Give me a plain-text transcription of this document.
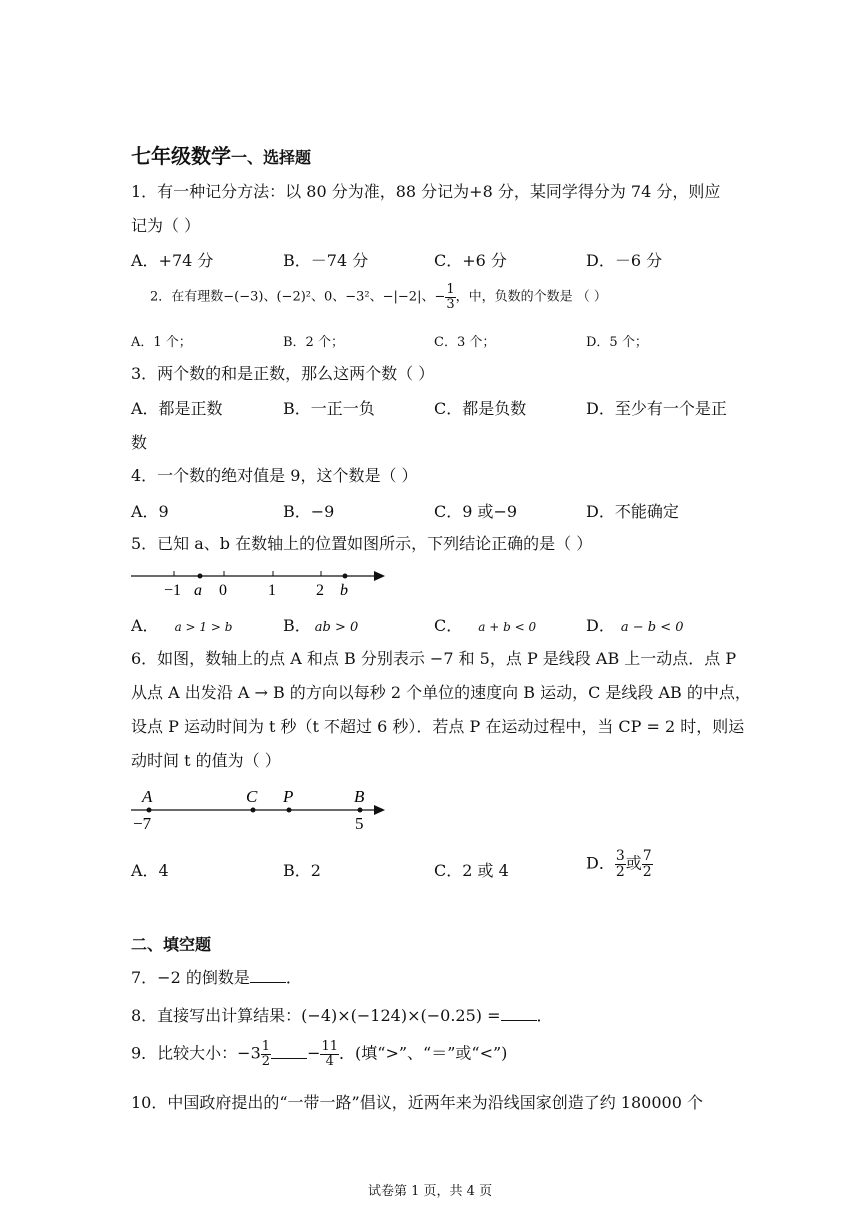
七年级数学一、选择题
1．有一种记分方法：以 80 分为准，88 分记为+8 分，某同学得分为 74 分，则应
记为（ ）
A．+74 分	B．－74 分	C．+6 分	D．－6 分
2．在有理数−(−3)、(−2)²、0、−3²、−|−2|、− $\frac{1}{3}$ ，中，负数的个数是 （ ）
A．1 个；	B．2 个；	C．3 个；	D．5 个；
3．两个数的和是正数，那么这两个数（ ）
A．都是正数	B．一正一负	C．都是负数	D．至少有一个是正
数
4．一个数的绝对值是 9，这个数是（ ）
A．9	B．−9	C．9 或−9	D．不能确定
5．已知 a、b 在数轴上的位置如图所示，下列结论正确的是（ ）
−1 a 0	1	2 b
A． a > 1 > b	B． ab > 0	C． a + b < 0	D． a − b < 0
6．如图，数轴上的点 A 和点 B 分别表示 −7 和 5，点 P 是线段 AB 上一动点．点 P
从点 A 出发沿 A → B 的方向以每秒 2 个单位的速度向 B 运动，C 是线段 AB 的中点，
设点 P 运动时间为 t 秒（t 不超过 6 秒）．若点 P 在运动过程中，当 CP = 2 时，则运
动时间 t 的值为（ ）
A	C P	B
−7	5
A．4	B．2	C．2 或 4	D． $\frac{3}{2}$ 或 $\frac{7}{2}$
二、填空题
7．−2 的倒数是 ．
8．直接写出计算结果：(−4)×(−124)×(−0.25) = ．
9．比较大小：$-3 \frac{1}{2} - \frac{11}{4}$ ．(填“>”、“＝”或“<”)
10．中国政府提出的“一带一路”倡议，近两年来为沿线国家创造了约 180000 个
试卷第 1 页，共 4 页
